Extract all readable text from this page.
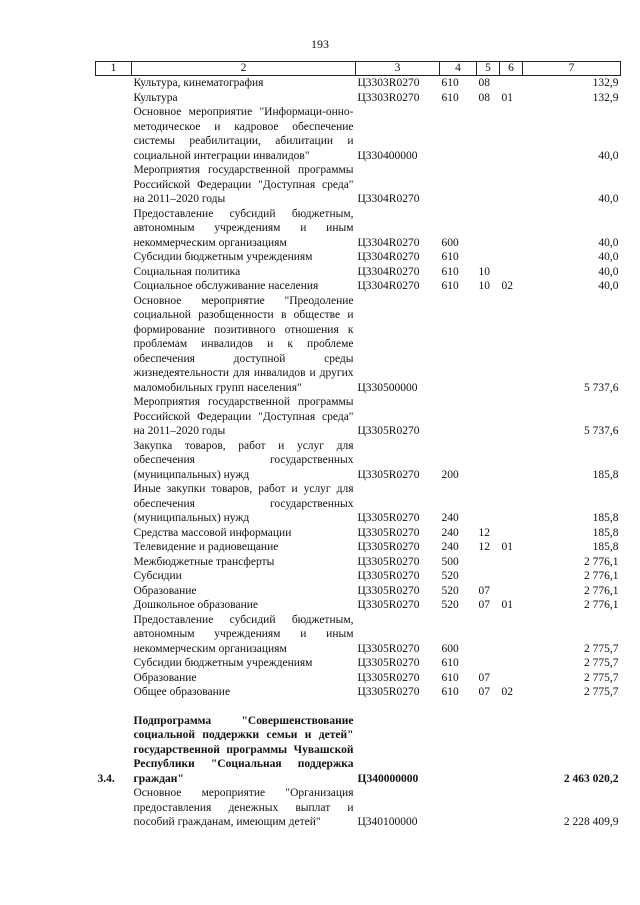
193
1	2	3	4	5	6	7
	Культура, кинематография	Ц3303R0270	610	08		132,9
	Культура	Ц3303R0270	610	08	01	132,9
	Основное мероприятие "Информаци-онно-методическое и кадровое обеспечение системы реабилитации, абилитации и социальной интеграции инвалидов"	Ц330400000				40,0
	Мероприятия государственной программы Российской Федерации "Доступная среда" на 2011–2020 годы	Ц3304R0270				40,0
	Предоставление субсидий бюджетным, автономным учреждениям и иным некоммерческим организациям	Ц3304R0270	600			40,0
	Субсидии бюджетным учреждениям	Ц3304R0270	610			40,0
	Социальная политика	Ц3304R0270	610	10		40,0
	Социальное обслуживание населения	Ц3304R0270	610	10	02	40,0
	Основное мероприятие "Преодоление социальной разобщенности в обществе и формирование позитивного отношения к проблемам инвалидов и к проблеме обеспечения доступной среды жизнедеятельности для инвалидов и других маломобильных групп населения"	Ц330500000				5 737,6
	Мероприятия государственной программы Российской Федерации "Доступная среда" на 2011–2020 годы	Ц3305R0270				5 737,6
	Закупка товаров, работ и услуг для обеспечения государственных (муниципальных) нужд	Ц3305R0270	200			185,8
	Иные закупки товаров, работ и услуг для обеспечения государственных (муниципальных) нужд	Ц3305R0270	240			185,8
	Средства массовой информации	Ц3305R0270	240	12		185,8
	Телевидение и радиовещание	Ц3305R0270	240	12	01	185,8
	Межбюджетные трансферты	Ц3305R0270	500			2 776,1
	Субсидии	Ц3305R0270	520			2 776,1
	Образование	Ц3305R0270	520	07		2 776,1
	Дошкольное образование	Ц3305R0270	520	07	01	2 776,1
	Предоставление субсидий бюджетным, автономным учреждениям и иным некоммерческим организациям	Ц3305R0270	600			2 775,7
	Субсидии бюджетным учреждениям	Ц3305R0270	610			2 775,7
	Образование	Ц3305R0270	610	07		2 775,7
	Общее образование	Ц3305R0270	610	07	02	2 775,7

3.4.	Подпрограмма "Совершенствование социальной поддержки семьи и детей" государственной программы Чувашской Республики "Социальная поддержка граждан"	Ц340000000				2 463 020,2
	Основное мероприятие "Организация предоставления денежных выплат и пособий гражданам, имеющим детей"	Ц340100000				2 228 409,9
